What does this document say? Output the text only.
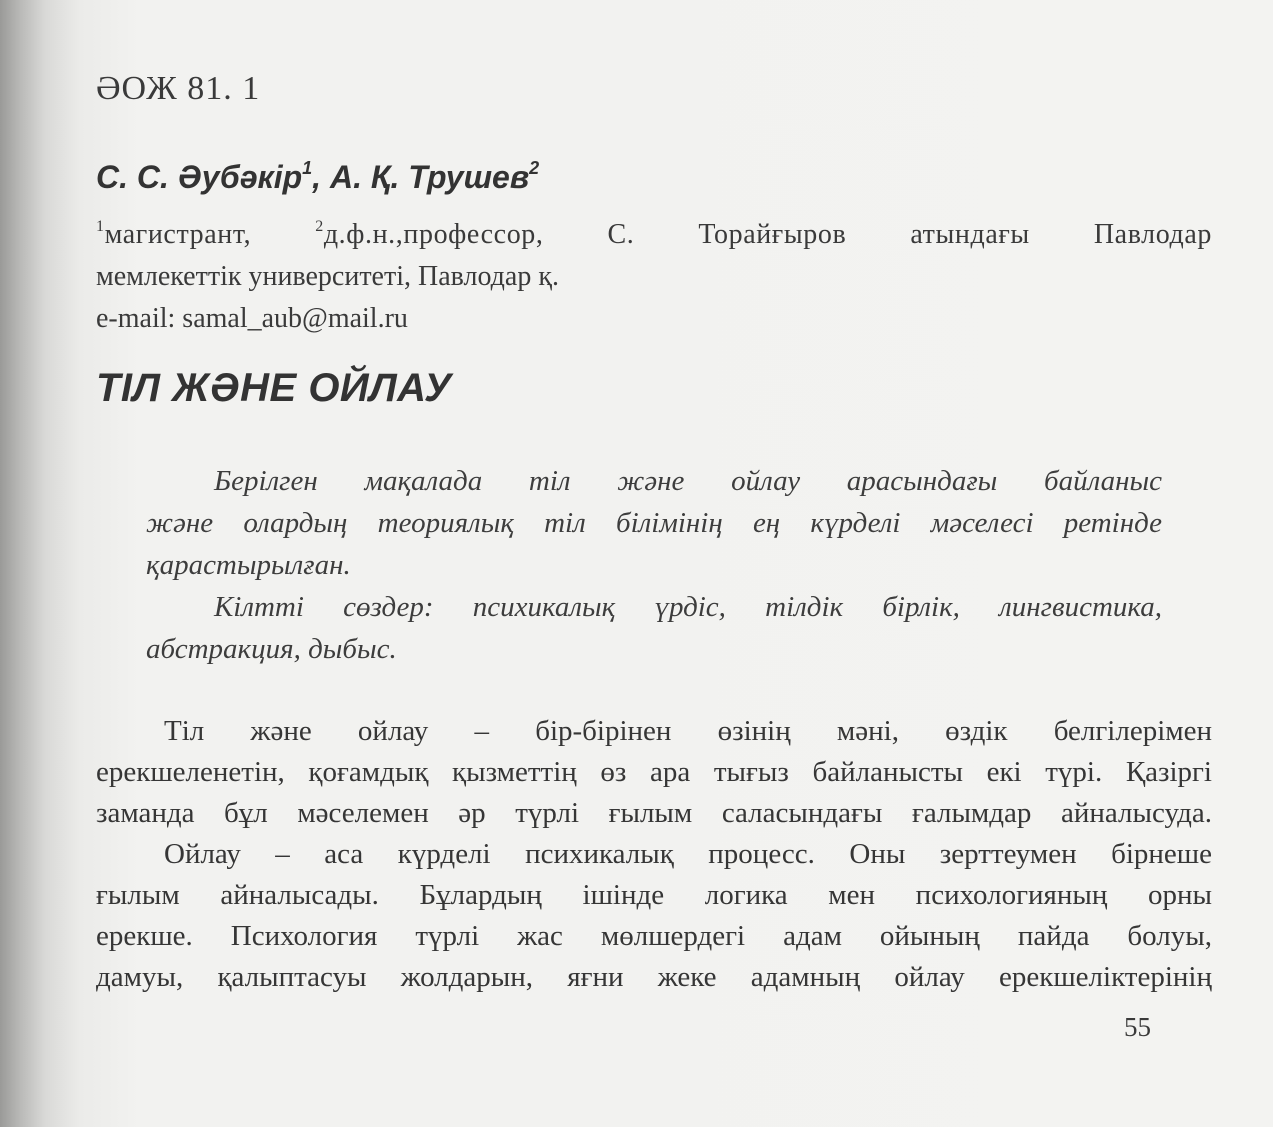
ӘОЖ 81. 1
С. С. Әубәкір$^1$, А. Қ. Трушев$^2$
$^1$магистрант, $^2$д.ф.н.,профессор, С. Торайғыров атындағы Павлодар
мемлекеттік университеті, Павлодар қ.
e-mail: samal_aub@mail.ru
ТІЛ ЖӘНЕ ОЙЛАУ

Берілген мақалада тіл және ойлау арасындағы байланыс
және олардың теориялық тіл білімінің ең күрделі мәселесі ретінде
қарастырылған.

Кілтті сөздер: психикалық үрдіс, тілдік бірлік, лингвистика,
абстракция, дыбыс.

Тіл және ойлау – бір-бірінен өзінің мәні, өздік белгілерімен
ерекшеленетін, қоғамдық қызметтің өз ара тығыз байланысты екі түрі. Қазіргі
заманда бұл мәселемен әр түрлі ғылым саласындағы ғалымдар айналысуда.

Ойлау – аса күрделі психикалық процесс. Оны зерттеумен бірнеше
ғылым айналысады. Бұлардың ішінде логика мен психологияның орны
ерекше. Психология түрлі жас мөлшердегі адам ойының пайда болуы,
дамуы, қалыптасуы жолдарын, яғни жеке адамның ойлау ерекшеліктерінің

55
